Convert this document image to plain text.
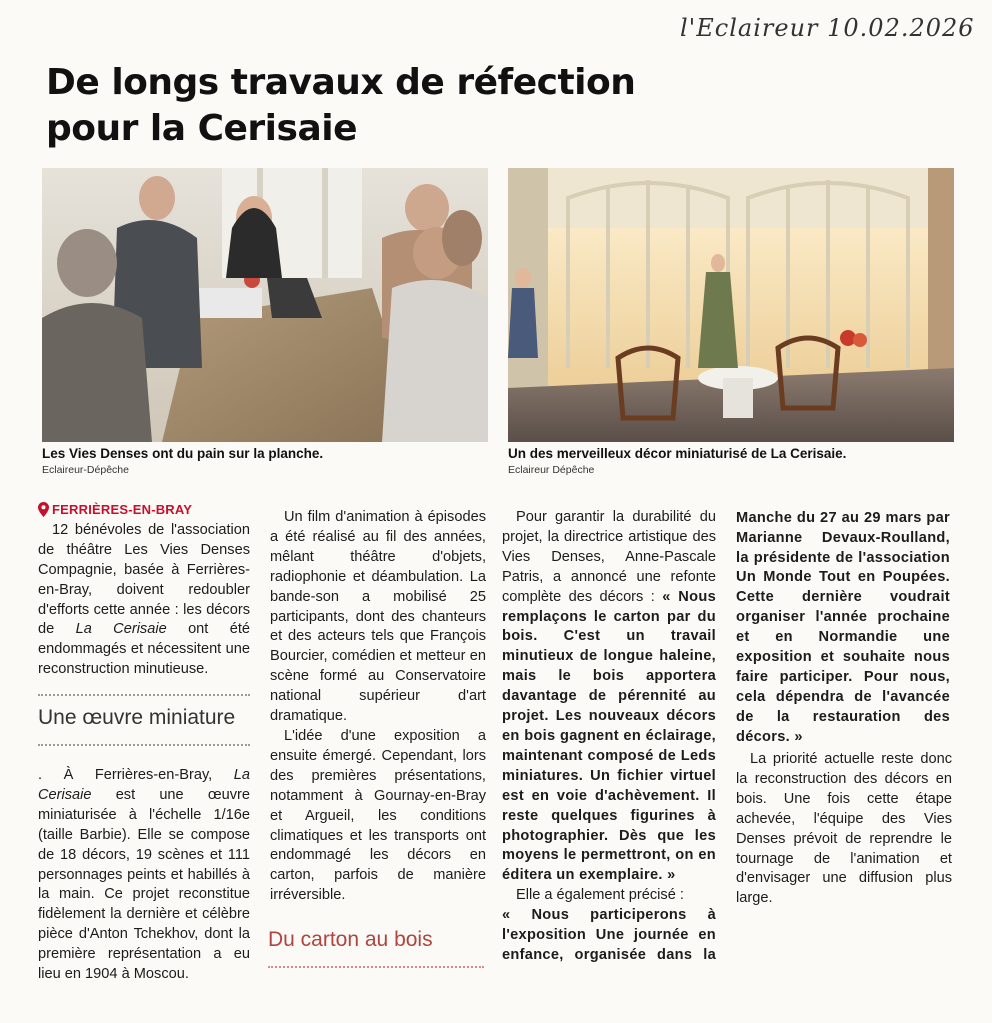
l'Eclaireur 10.02.2026
De longs travaux de réfection
pour la Cerisaie
Les Vies Denses ont du pain sur la planche.
Eclaireur-Dépêche
Un des merveilleux décor miniaturisé de La Cerisaie.
Eclaireur Dépêche
FERRIÈRES-EN-BRAY

12 bénévoles de l'association de théâtre Les Vies Denses Compagnie, basée à Ferrières-en-Bray, doivent redoubler d'efforts cette année : les décors de La Cerisaie ont été endommagés et nécessitent une reconstruction minutieuse.

Une œuvre miniature

. À Ferrières-en-Bray, La Cerisaie est une œuvre miniaturisée à l'échelle 1/16e (taille Barbie). Elle se compose de 18 décors, 19 scènes et 111 personnages peints et habillés à la main. Ce projet reconstitue fidèlement la dernière et célèbre pièce d'Anton Tchekhov, dont la première représentation a eu lieu en 1904 à Moscou.

Un film d'animation à épisodes a été réalisé au fil des années, mêlant théâtre d'objets, radiophonie et déambulation. La bande-son a mobilisé 25 participants, dont des chanteurs et des acteurs tels que François Bourcier, comédien et metteur en scène formé au Conservatoire national supérieur d'art dramatique.

L'idée d'une exposition a ensuite émergé. Cependant, lors des premières présentations, notamment à Gournay-en-Bray et Argueil, les conditions climatiques et les transports ont endommagé les décors en carton, parfois de manière irréversible.

Du carton au bois

Pour garantir la durabilité du projet, la directrice artistique des Vies Denses, Anne-Pascale Patris, a annoncé une refonte complète des décors : « Nous remplaçons le carton par du bois. C'est un travail minutieux de longue haleine, mais le bois apportera davantage de pérennité au projet. Les nouveaux décors en bois gagnent en éclairage, maintenant composé de Leds miniatures. Un fichier virtuel est en voie d'achèvement. Il reste quelques figurines à photographier. Dès que les moyens le permettront, on en éditera un exemplaire. »

Elle a également précisé :

« Nous participerons à l'exposition Une journée en enfance, organisée dans la

Manche du 27 au 29 mars par Marianne Devaux-Roulland, la présidente de l'association Un Monde Tout en Poupées. Cette dernière voudrait organiser l'année prochaine et en Normandie une exposition et souhaite nous faire participer. Pour nous, cela dépendra de l'avancée de la restauration des décors. »

La priorité actuelle reste donc la reconstruction des décors en bois. Une fois cette étape achevée, l'équipe des Vies Denses prévoit de reprendre le tournage de l'animation et d'envisager une diffusion plus large.
